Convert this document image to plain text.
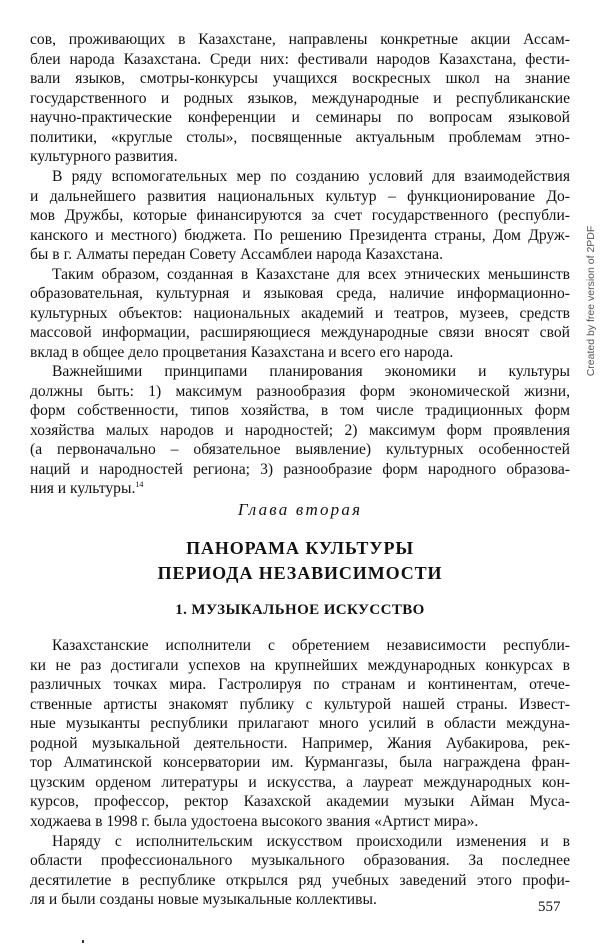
сов, проживающих в Казахстане, направлены конкретные акции Ассам-
блеи народа Казахстана. Среди них: фестивали народов Казахстана, фести-
вали языков, смотры-конкурсы учащихся воскресных школ на знание
государственного и родных языков, международные и республиканские
научно-практические конференции и семинары по вопросам языковой
политики, «круглые столы», посвященные актуальным проблемам этно-
культурного развития.
В ряду вспомогательных мер по созданию условий для взаимодействия
и дальнейшего развития национальных культур – функционирование До-
мов Дружбы, которые финансируются за счет государственного (республи-
канского и местного) бюджета. По решению Президента страны, Дом Друж-
бы в г. Алматы передан Совету Ассамблеи народа Казахстана.
Таким образом, созданная в Казахстане для всех этнических меньшинств
образовательная, культурная и языковая среда, наличие информационно-
культурных объектов: национальных академий и театров, музеев, средств
массовой информации, расширяющиеся международные связи вносят свой
вклад в общее дело процветания Казахстана и всего его народа.
Важнейшими принципами планирования экономики и культуры
должны быть: 1) максимум разнообразия форм экономической жизни,
форм собственности, типов хозяйства, в том числе традиционных форм
хозяйства малых народов и народностей; 2) максимум форм проявления
(а первоначально – обязательное выявление) культурных особенностей
наций и народностей региона; 3) разнообразие форм народного образова-
ния и культуры.$^{14}$
Глава вторая
ПАНОРАМА КУЛЬТУРЫ
ПЕРИОДА НЕЗАВИСИМОСТИ
1. МУЗЫКАЛЬНОЕ ИСКУССТВО
Казахстанские исполнители с обретением независимости республи-
ки не раз достигали успехов на крупнейших международных конкурсах в
различных точках мира. Гастролируя по странам и континентам, отече-
ственные артисты знакомят публику с культурой нашей страны. Извест-
ные музыканты республики прилагают много усилий в области междуна-
родной музыкальной деятельности. Например, Жания Аубакирова, рек-
тор Алматинской консерватории им. Курмангазы, была награждена фран-
цузским орденом литературы и искусства, а лауреат международных кон-
курсов, профессор, ректор Казахской академии музыки Айман Муса-
ходжаева в 1998 г. была удостоена высокого звания «Артист мира».
Наряду с исполнительским искусством происходили изменения и в
области профессионального музыкального образования. За последнее
десятилетие в республике открылся ряд учебных заведений этого профи-
ля и были созданы новые музыкальные коллективы.	557
Created by free version of 2PDF
